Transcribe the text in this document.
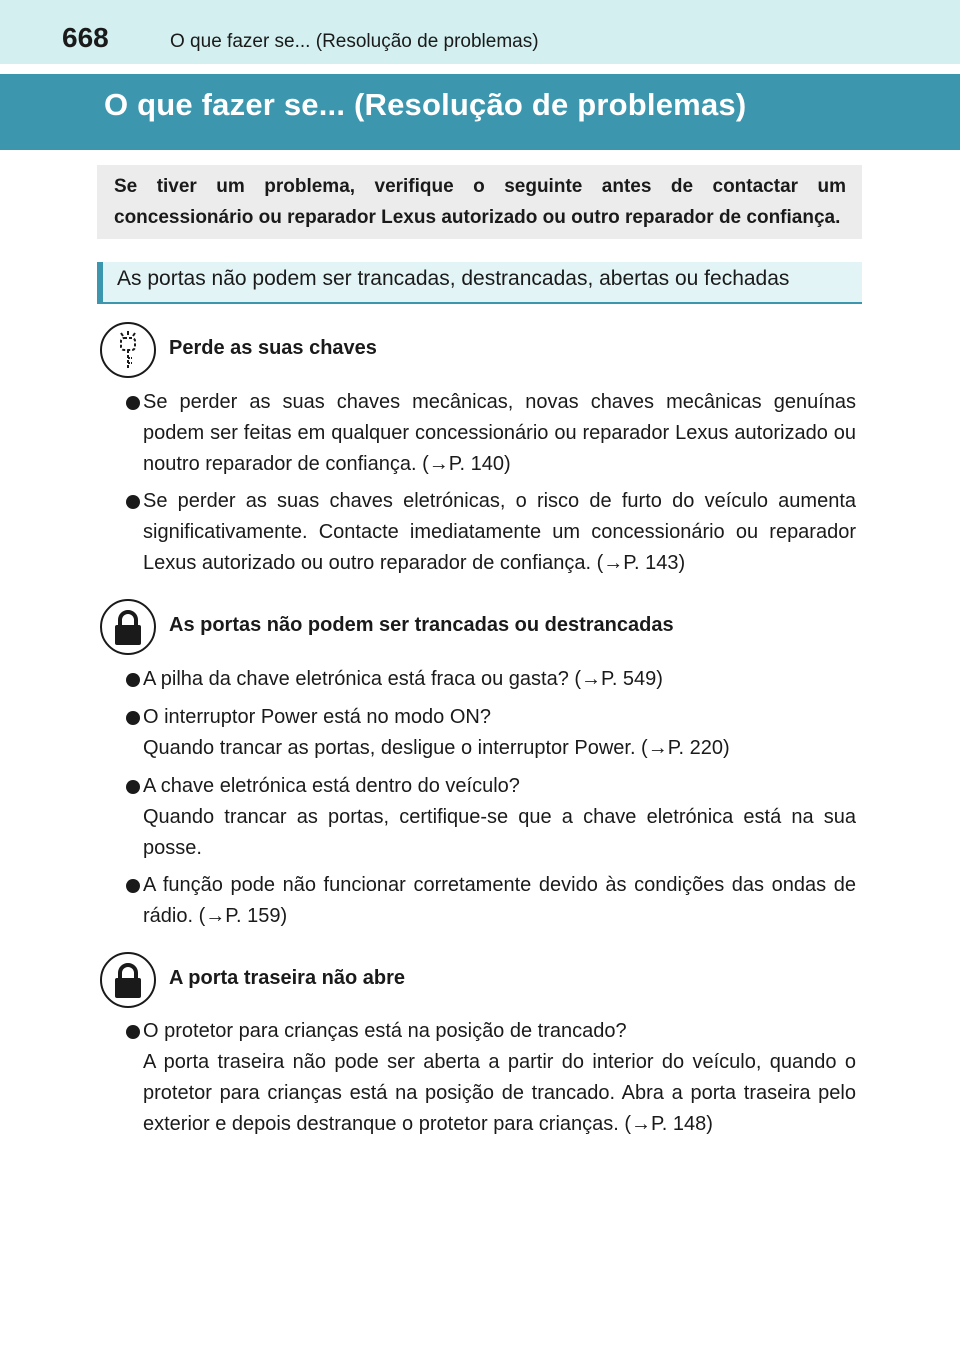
668	O que fazer se... (Resolução de problemas)
O que fazer se... (Resolução de problemas)

Se tiver um problema, verifique o seguinte antes de contactar um concessionário ou reparador Lexus autorizado ou outro reparador de confiança.

As portas não podem ser trancadas, destrancadas, abertas ou fechadas
Perde as suas chaves

Se perder as suas chaves mecânicas, novas chaves mecânicas genuínas podem ser feitas em qualquer concessionário ou reparador Lexus autorizado ou noutro reparador de confiança. (→P. 140)

Se perder as suas chaves eletrónicas, o risco de furto do veículo aumenta significativamente. Contacte imediatamente um concessionário ou reparador Lexus autorizado ou outro reparador de confiança. (→P. 143)

As portas não podem ser trancadas ou destrancadas

A pilha da chave eletrónica está fraca ou gasta? (→P. 549)

O interruptor Power está no modo ON?

Quando trancar as portas, desligue o interruptor Power. (→P. 220)

A chave eletrónica está dentro do veículo?

Quando trancar as portas, certifique-se que a chave eletrónica está na sua posse.

A função pode não funcionar corretamente devido às condições das ondas de rádio. (→P. 159)

A porta traseira não abre

O protetor para crianças está na posição de trancado?

A porta traseira não pode ser aberta a partir do interior do veículo, quando o protetor para crianças está na posição de trancado. Abra a porta traseira pelo exterior e depois destranque o protetor para crianças. (→P. 148)
